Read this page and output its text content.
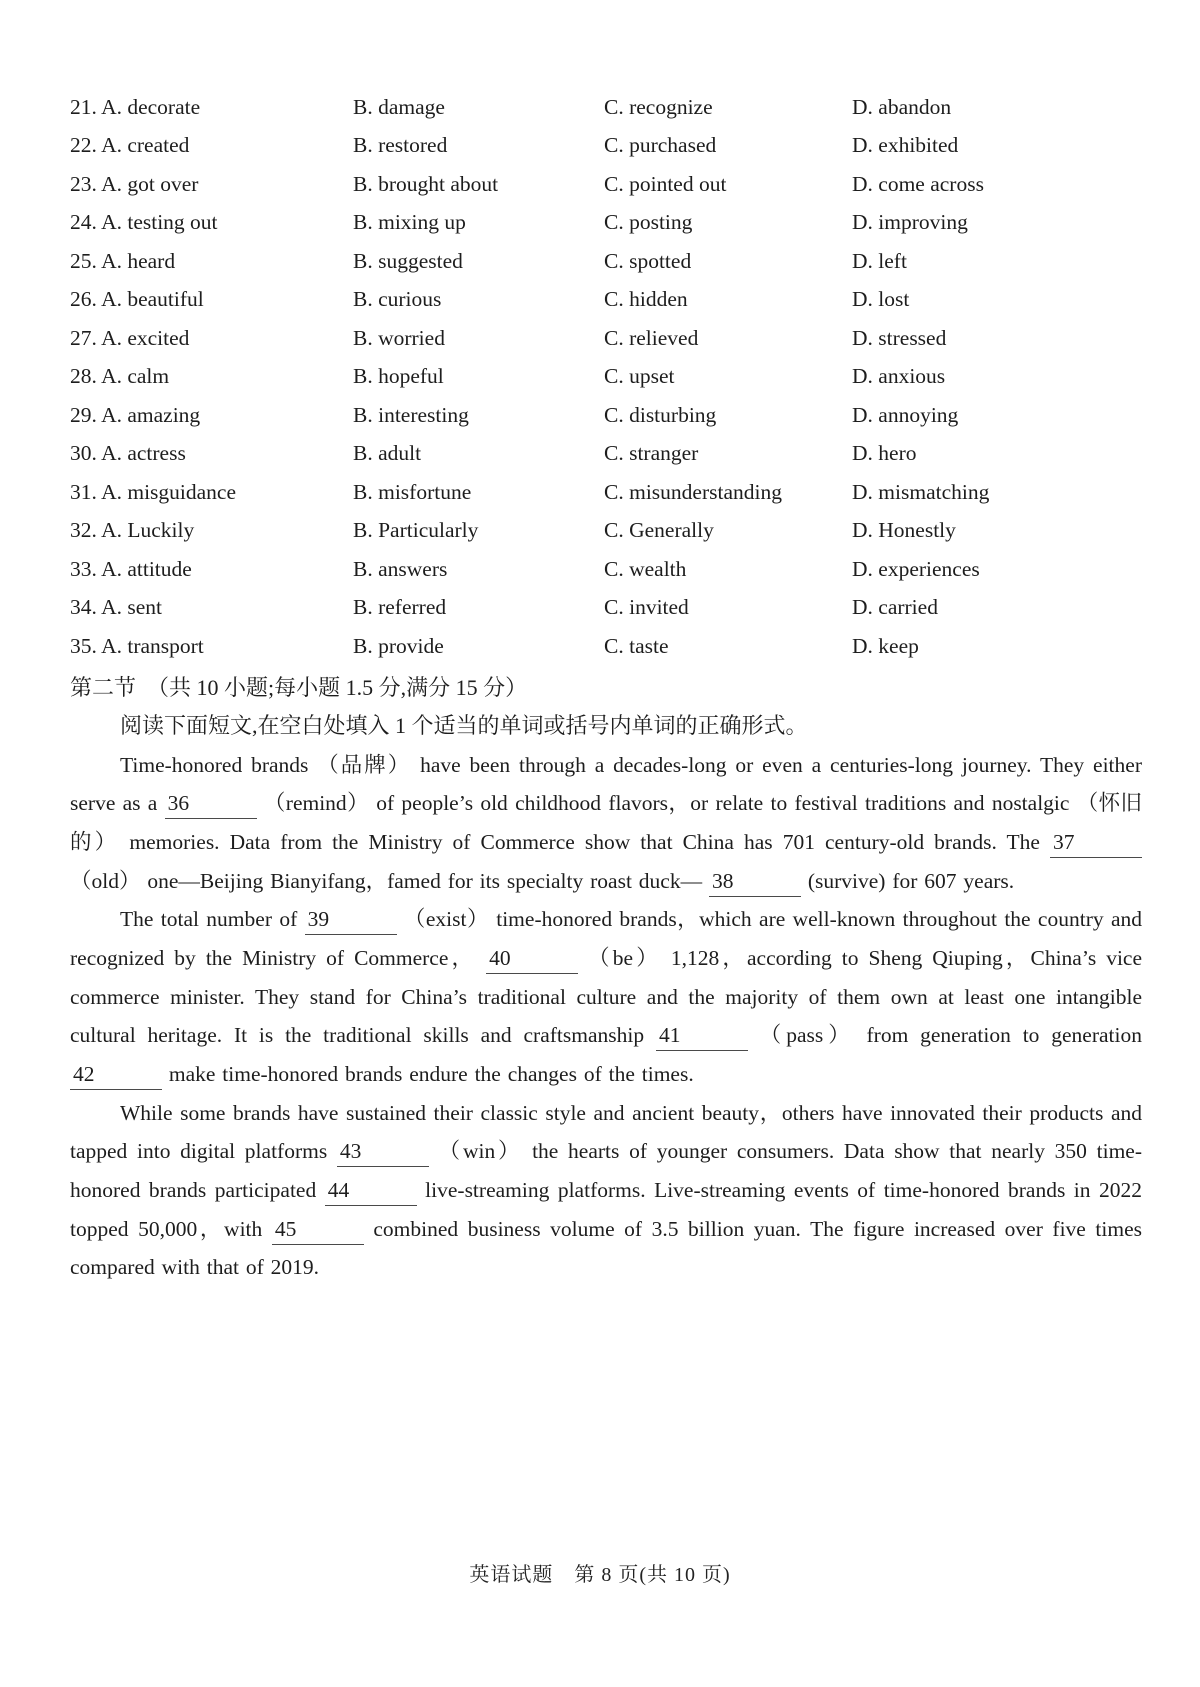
21. A. decorate	B. damage	C. recognize	D. abandon
22. A. created	B. restored	C. purchased	D. exhibited
23. A. got over	B. brought about	C. pointed out	D. come across
24. A. testing out	B. mixing up	C. posting	D. improving
25. A. heard	B. suggested	C. spotted	D. left
26. A. beautiful	B. curious	C. hidden	D. lost
27. A. excited	B. worried	C. relieved	D. stressed
28. A. calm	B. hopeful	C. upset	D. anxious
29. A. amazing	B. interesting	C. disturbing	D. annoying
30. A. actress	B. adult	C. stranger	D. hero
31. A. misguidance	B. misfortune	C. misunderstanding	D. mismatching
32. A. Luckily	B. Particularly	C. Generally	D. Honestly
33. A. attitude	B. answers	C. wealth	D. experiences
34. A. sent	B. referred	C. invited	D. carried
35. A. transport	B. provide	C. taste	D. keep
第二节　（共 10 小题;每小题 1.5 分,满分 15 分）
阅读下面短文,在空白处填入 1 个适当的单词或括号内单词的正确形式。

Time-honored brands （品牌） have been through a decades-long or even a centuries-long journey. They either serve as a 36	（remind） of people’s old childhood flavors，or relate to festival traditions and nostalgic （怀旧的） memories. Data from the Ministry of Commerce show that China has 701 century-old brands. The 37 （old） one—Beijing Bianyifang，famed for its specialty roast duck— 38	(survive) for 607 years.

The total number of 39	（exist） time-honored brands，which are well-known throughout the country and recognized by the Ministry of Commerce， 40	（be） 1,128，according to Sheng Qiuping，China’s vice commerce minister. They stand for China’s traditional culture and the majority of them own at least one intangible cultural heritage. It is the traditional skills and craftsmanship 41	（pass） from generation to generation 42	make time-honored brands endure the changes of the times.

While some brands have sustained their classic style and ancient beauty，others have innovated their products and tapped into digital platforms 43	（win） the hearts of younger consumers. Data show that nearly 350 time-honored brands participated 44	live-streaming platforms. Live-streaming events of time-honored brands in 2022 topped 50,000，with 45	combined business volume of 3.5 billion yuan. The figure increased over five times compared with that of 2019.

英语试题　第 8 页(共 10 页)
